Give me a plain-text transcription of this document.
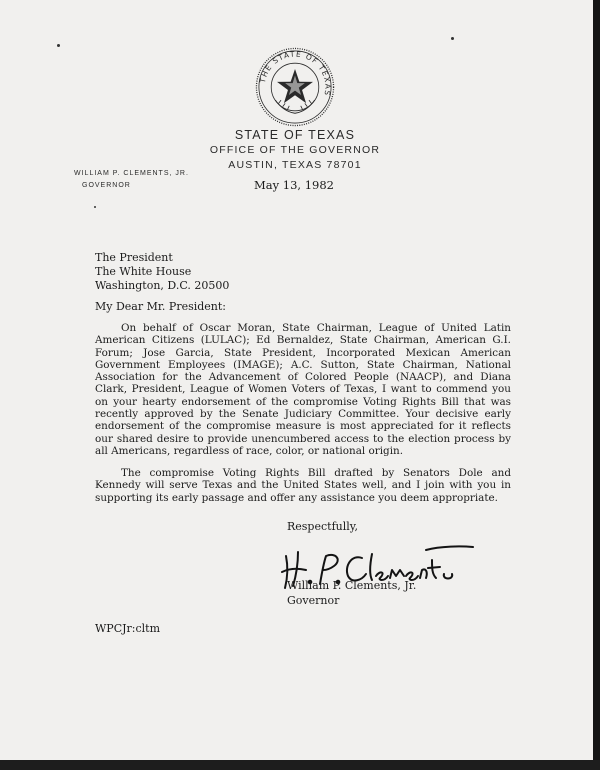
THE STATE OF TEXAS
STATE OF TEXAS
OFFICE OF THE GOVERNOR
AUSTIN, TEXAS 78701
WILLIAM P. CLEMENTS, JR.
GOVERNOR	May 13, 1982
The President
The White House
Washington, D.C. 20500
My Dear Mr. President:
On behalf of Oscar Moran, State Chairman, League of United Latin
American Citizens (LULAC); Ed Bernaldez, State Chairman, American G.I.
Forum; Jose Garcia, State President, Incorporated Mexican American
Government Employees (IMAGE); A.C. Sutton, State Chairman, National
Association for the Advancement of Colored People (NAACP), and Diana
Clark, President, League of Women Voters of Texas, I want to commend you
on your hearty endorsement of the compromise Voting Rights Bill that was
recently approved by the Senate Judiciary Committee. Your decisive early
endorsement of the compromise measure is most appreciated for it reflects
our shared desire to provide unencumbered access to the election process by
all Americans, regardless of race, color, or national origin.
The compromise Voting Rights Bill drafted by Senators Dole and
Kennedy will serve Texas and the United States well, and I join with you in
supporting its early passage and offer any assistance you deem appropriate.
Respectfully,
William P. Clements, Jr.
Governor
WPCJr:cltm
